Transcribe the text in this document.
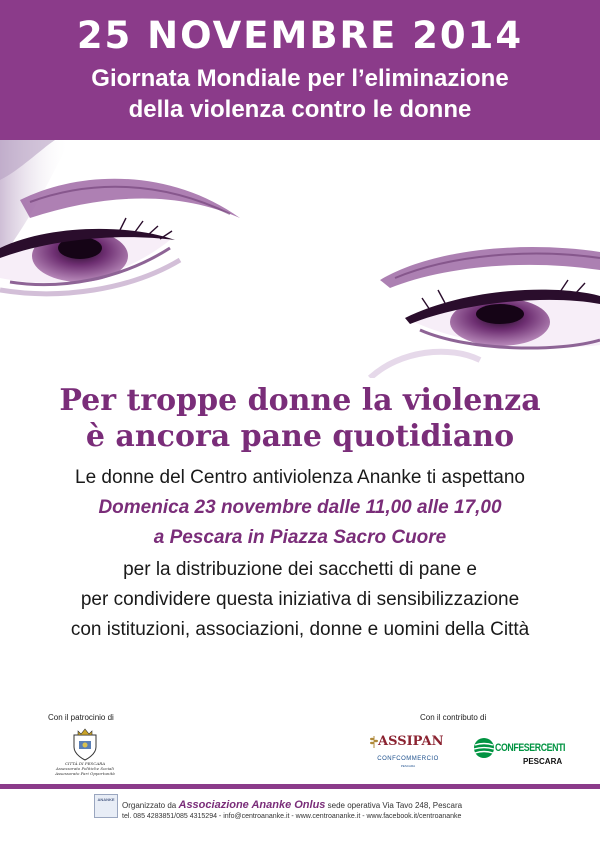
25 NOVEMBRE 2014
Giornata Mondiale per l’eliminazione
della violenza contro le donne
Per troppe donne la violenza
è ancora pane quotidiano
Le donne del Centro antiviolenza Ananke ti aspettano
Domenica 23 novembre dalle 11,00 alle 17,00
a Pescara in Piazza Sacro Cuore
per la distribuzione dei sacchetti di pane e
per condividere questa iniziativa di sensibilizzazione
con istituzioni, associazioni, donne e uomini della Città
Con il patrocinio di	Con il contributo di
CITTÀ DI PESCARA
Assessorato Politiche Sociali
Assessorato Pari Opportunità
ASSIPAN
CONFCOMMERCIO
PESCARA
CONFESERCENTI
PESCARA
ANANKE
Organizzato da Associazione Ananke Onlus sede operativa Via Tavo 248, Pescara
tel. 085 4283851/085 4315294 - info@centroananke.it - www.centroananke.it - www.facebook.it/centroananke
